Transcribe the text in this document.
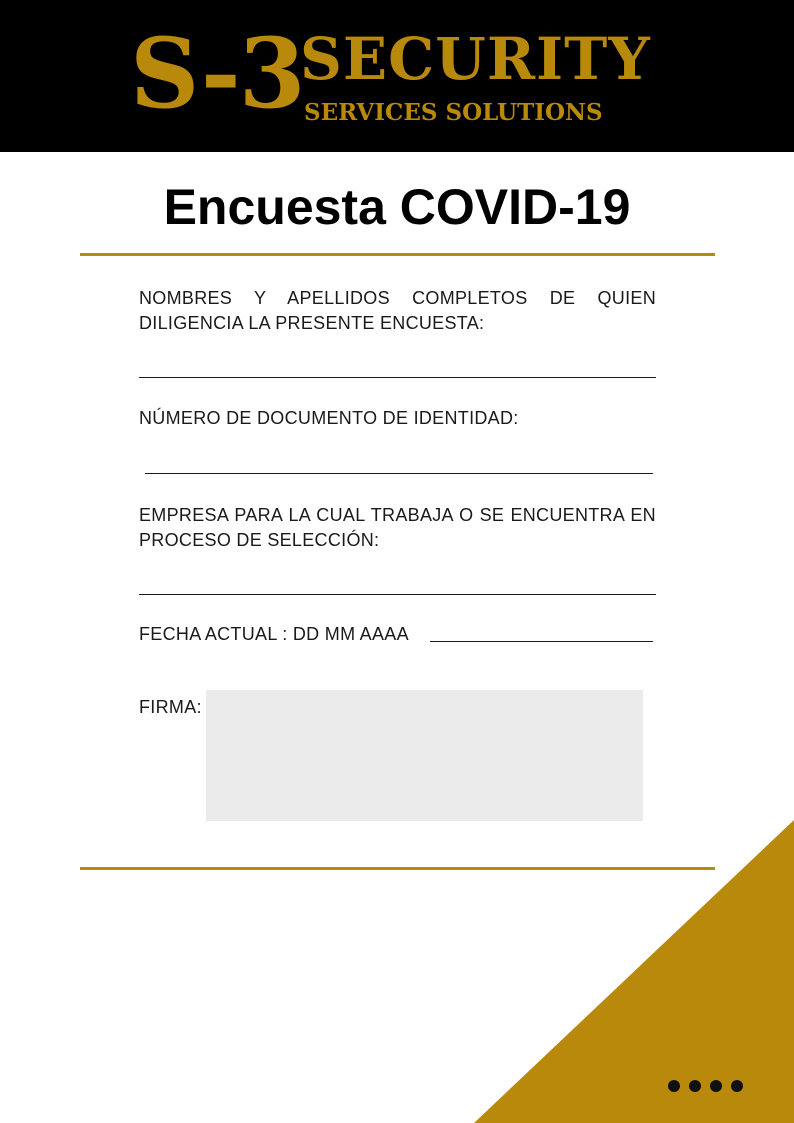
S-3
SECURITY
SERVICES SOLUTIONS
Encuesta COVID-19
NOMBRES Y APELLIDOS COMPLETOS DE QUIEN DILIGENCIA LA PRESENTE ENCUESTA:
NÚMERO DE DOCUMENTO DE IDENTIDAD:
EMPRESA PARA LA CUAL TRABAJA O SE ENCUENTRA EN PROCESO DE SELECCIÓN:
FECHA ACTUAL : DD MM AAAA
FIRMA:
